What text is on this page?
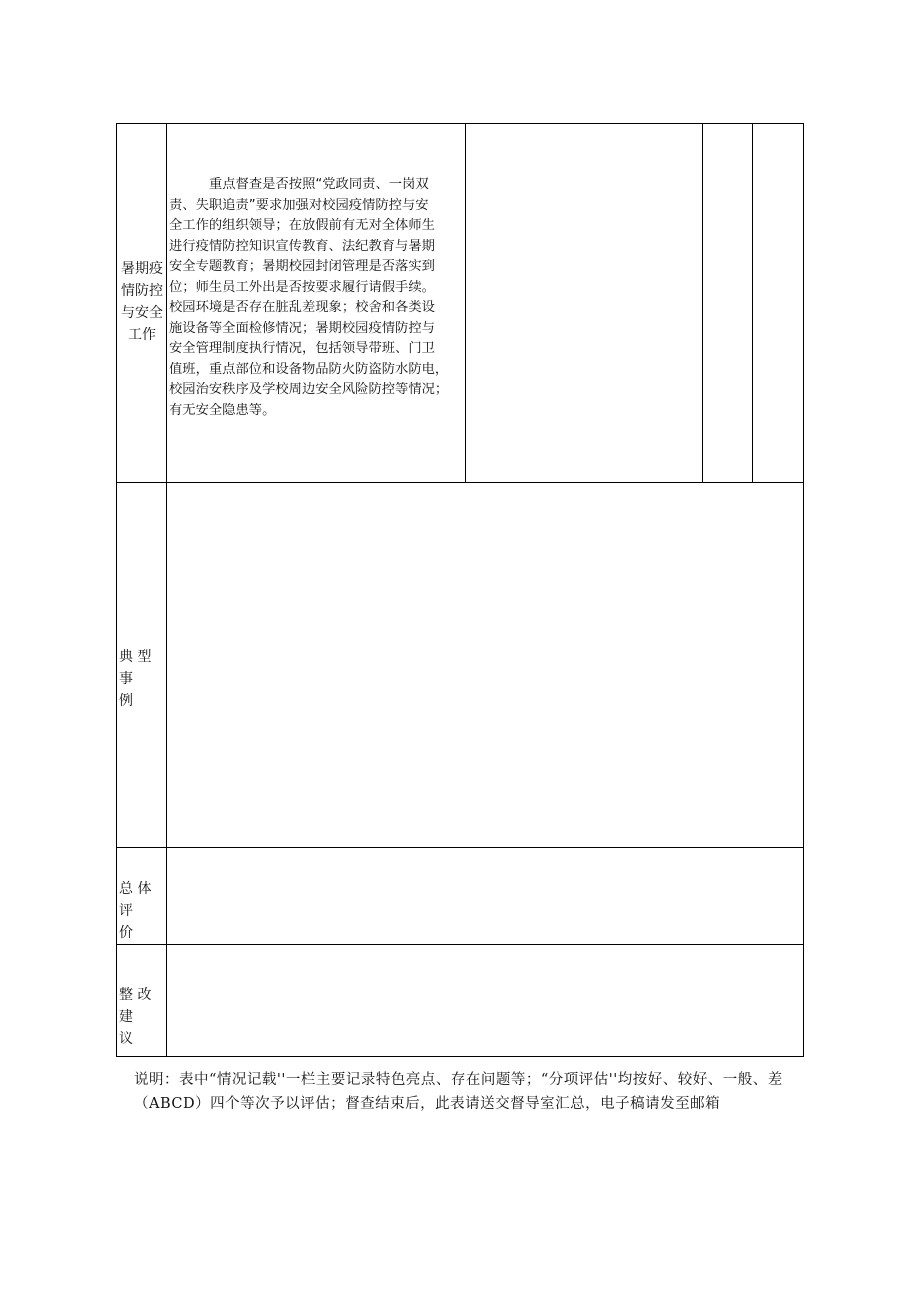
暑期疫
情防控
与安全
工作
重点督查是否按照“党政同责、一岗双
责、失职追责”要求加强对校园疫情防控与安
全工作的组织领导；在放假前有无对全体师生
进行疫情防控知识宣传教育、法纪教育与暑期
安全专题教育；暑期校园封闭管理是否落实到
位；师生员工外出是否按要求履行请假手续。
校园环境是否存在脏乱差现象；校舍和各类设
施设备等全面检修情况；暑期校园疫情防控与
安全管理制度执行情况，包括领导带班、门卫
值班，重点部位和设备物品防火防盗防水防电，
校园治安秩序及学校周边安全风险防控等情况；
有无安全隐患等。
典 型 事
例
总 体 评
价
整 改 建
议
说明：表中“情况记载''一栏主要记录特色亮点、存在问题等；“分项评估''均按好、较好、一般、差（ABCD）四个等次予以评估；督查结束后，此表请送交督导室汇总，电子稿请发至邮箱
